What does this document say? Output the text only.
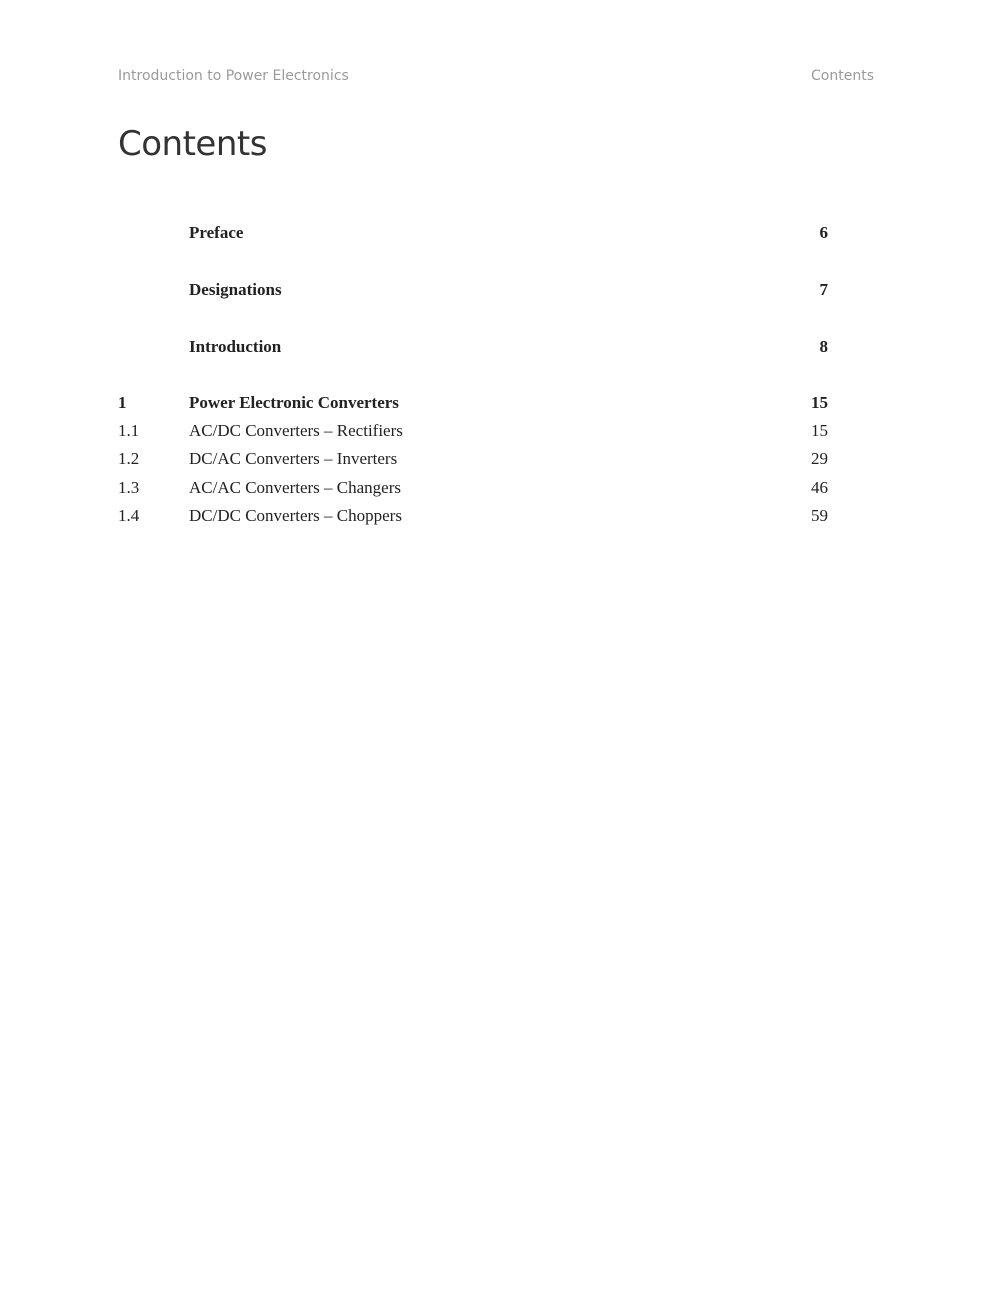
Introduction to Power Electronics	Contents
Contents
Preface	6
Designations	7
Introduction	8
1	Power Electronic Converters	15
1.1	AC/DC Converters – Rectifiers	15
1.2	DC/AC Converters – Inverters	29
1.3	AC/AC Converters – Changers	46
1.4	DC/DC Converters – Choppers	59
